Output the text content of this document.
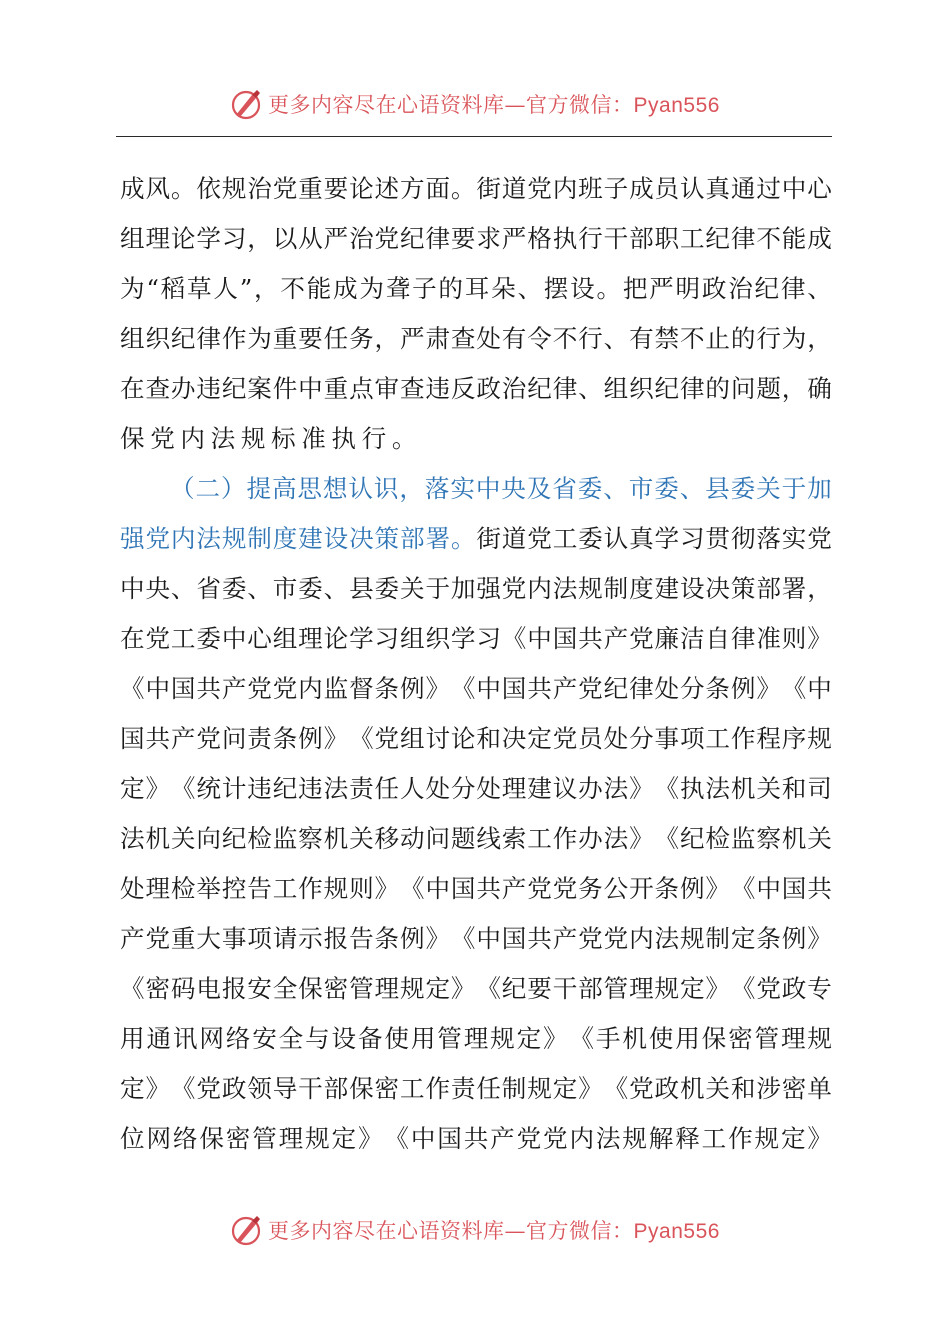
更多内容尽在心语资料库—官方微信：Pyan556
成 风 。 依 规 治 党 重 要 论 述 方 面 。 街 道 党 内 班 子 成 员 认 真 通 过 中 心
组 理 论 学 习 ， 以 从 严 治 党 纪 律 要 求 严 格 执 行 干 部 职 工 纪 律 不 能 成
为 “ 稻 草 人 ” ， 不 能 成 为 聋 子 的 耳 朵 、 摆 设 。 把 严 明 政 治 纪 律 、
组 织 纪 律 作 为 重 要 任 务 ， 严 肃 查 处 有 令 不 行 、 有 禁 不 止 的 行 为 ，
在 查 办 违 纪 案 件 中 重 点 审 查 违 反 政 治 纪 律 、 组 织 纪 律 的 问 题 ， 确
保 党 内 法 规 标 准 执 行 。
（ 二 ） 提 高 思 想 认 识 ， 落 实 中 央 及 省 委 、 市 委 、 县 委 关 于 加
强 党 内 法 规 制 度 建 设 决 策 部 署 。 街 道 党 工 委 认 真 学 习 贯 彻 落 实 党
中 央 、 省 委 、 市 委 、 县 委 关 于 加 强 党 内 法 规 制 度 建 设 决 策 部 署 ，
在 党 工 委 中 心 组 理 论 学 习 组 织 学 习 《 中 国 共 产 党 廉 洁 自 律 准 则 》
《 中 国 共 产 党 党 内 监 督 条 例 》 《 中 国 共 产 党 纪 律 处 分 条 例 》 《 中
国 共 产 党 问 责 条 例 》 《 党 组 讨 论 和 决 定 党 员 处 分 事 项 工 作 程 序 规
定 》 《 统 计 违 纪 违 法 责 任 人 处 分 处 理 建 议 办 法 》 《 执 法 机 关 和 司
法 机 关 向 纪 检 监 察 机 关 移 动 问 题 线 索 工 作 办 法 》 《 纪 检 监 察 机 关
处 理 检 举 控 告 工 作 规 则 》 《 中 国 共 产 党 党 务 公 开 条 例 》 《 中 国 共
产 党 重 大 事 项 请 示 报 告 条 例 》 《 中 国 共 产 党 党 内 法 规 制 定 条 例 》
《 密 码 电 报 安 全 保 密 管 理 规 定 》 《 纪 要 干 部 管 理 规 定 》 《 党 政 专
用 通 讯 网 络 安 全 与 设 备 使 用 管 理 规 定 》 《 手 机 使 用 保 密 管 理 规
定 》 《 党 政 领 导 干 部 保 密 工 作 责 任 制 规 定 》 《 党 政 机 关 和 涉 密 单
位 网 络 保 密 管 理 规 定 》 《 中 国 共 产 党 党 内 法 规 解 释 工 作 规 定 》
更多内容尽在心语资料库—官方微信：Pyan556
